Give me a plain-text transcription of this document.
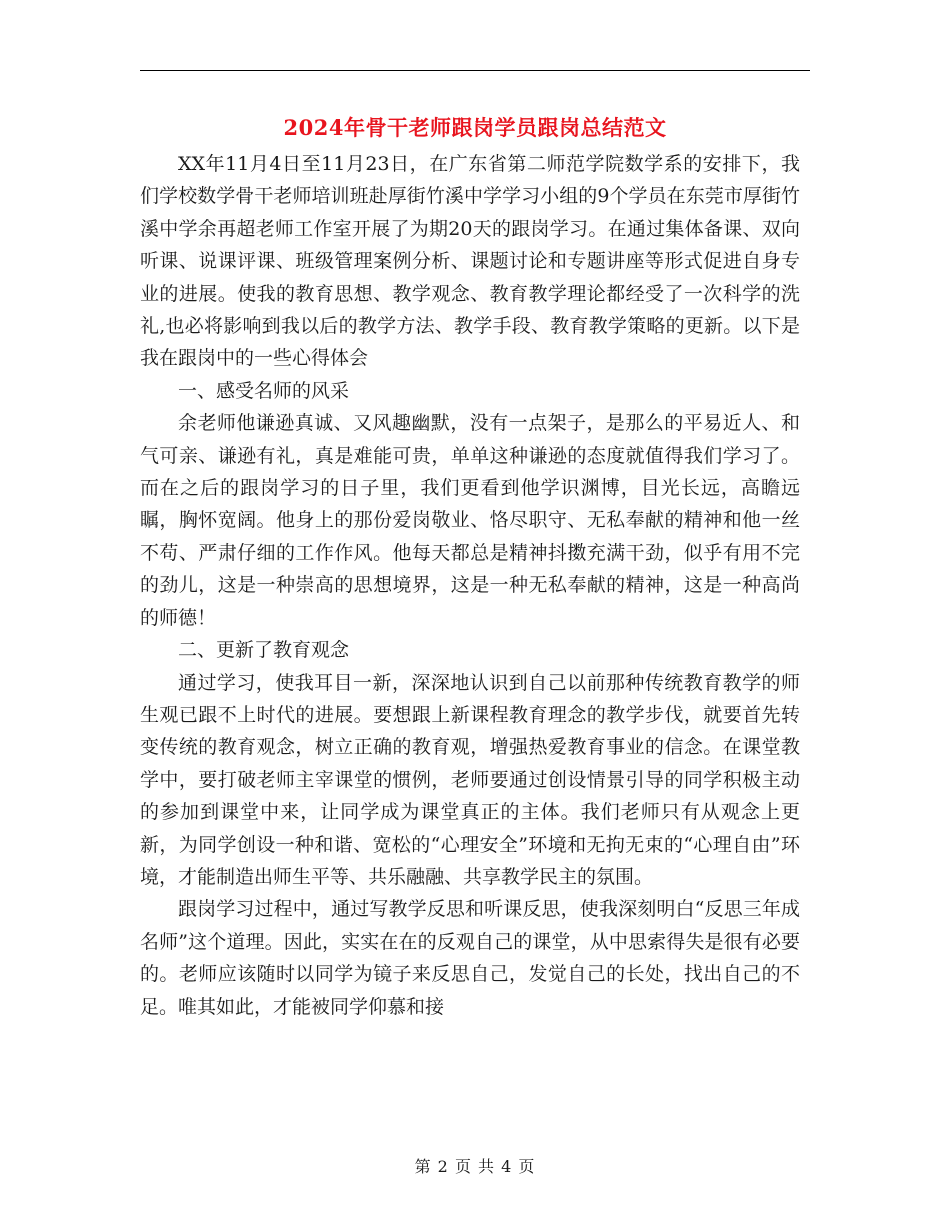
2024年骨干老师跟岗学员跟岗总结范文

XX年11月4日至11月23日，在广东省第二师范学院数学系的安排下，我们学校数学骨干老师培训班赴厚街竹溪中学学习小组的9个学员在东莞市厚街竹溪中学余再超老师工作室开展了为期20天的跟岗学习。在通过集体备课、双向听课、说课评课、班级管理案例分析、课题讨论和专题讲座等形式促进自身专业的进展。使我的教育思想、教学观念、教育教学理论都经受了一次科学的洗礼,也必将影响到我以后的教学方法、教学手段、教育教学策略的更新。以下是我在跟岗中的一些心得体会

一、感受名师的风采

余老师他谦逊真诚、又风趣幽默，没有一点架子，是那么的平易近人、和气可亲、谦逊有礼，真是难能可贵，单单这种谦逊的态度就值得我们学习了。而在之后的跟岗学习的日子里，我们更看到他学识渊博，目光长远，高瞻远瞩，胸怀宽阔。他身上的那份爱岗敬业、恪尽职守、无私奉献的精神和他一丝不苟、严肃仔细的工作作风。他每天都总是精神抖擞充满干劲，似乎有用不完的劲儿，这是一种崇高的思想境界，这是一种无私奉献的精神，这是一种高尚的师德！

二、更新了教育观念

通过学习，使我耳目一新，深深地认识到自己以前那种传统教育教学的师生观已跟不上时代的进展。要想跟上新课程教育理念的教学步伐，就要首先转变传统的教育观念，树立正确的教育观，增强热爱教育事业的信念。在课堂教学中，要打破老师主宰课堂的惯例，老师要通过创设情景引导的同学积极主动的参加到课堂中来，让同学成为课堂真正的主体。我们老师只有从观念上更新，为同学创设一种和谐、宽松的“心理安全”环境和无拘无束的“心理自由”环境，才能制造出师生平等、共乐融融、共享教学民主的氛围。

跟岗学习过程中，通过写教学反思和听课反思，使我深刻明白“反思三年成名师”这个道理。因此，实实在在的反观自己的课堂，从中思索得失是很有必要的。老师应该随时以同学为镜子来反思自己，发觉自己的长处，找出自己的不足。唯其如此，才能被同学仰慕和接

第 2 页 共 4 页
